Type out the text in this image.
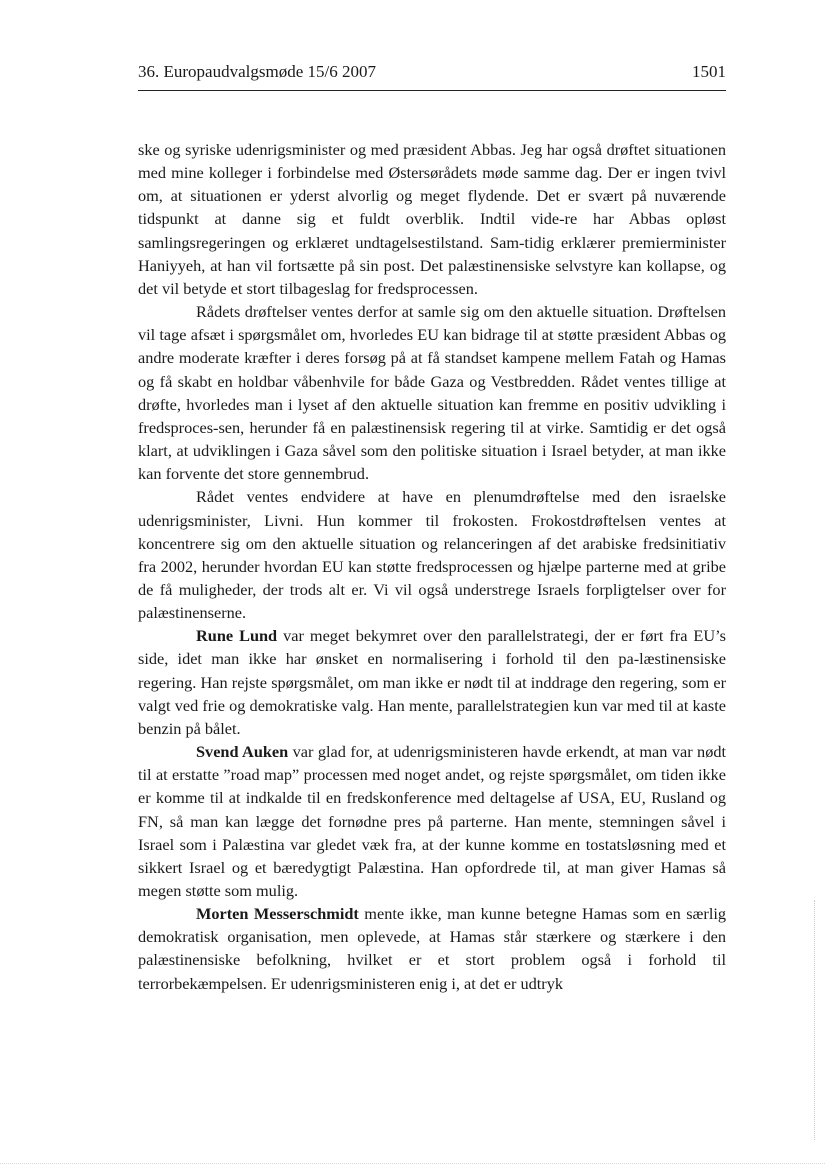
36. Europaudvalgsmøde 15/6 2007	1501

ske og syriske udenrigsminister og med præsident Abbas. Jeg har også drøftet situationen med mine kolleger i forbindelse med Østersørådets møde samme dag. Der er ingen tvivl om, at situationen er yderst alvorlig og meget flydende. Det er svært på nuværende tidspunkt at danne sig et fuldt overblik. Indtil vide-re har Abbas opløst samlingsregeringen og erklæret undtagelsestilstand. Sam-tidig erklærer premierminister Haniyyeh, at han vil fortsætte på sin post. Det palæstinensiske selvstyre kan kollapse, og det vil betyde et stort tilbageslag for fredsprocessen.

Rådets drøftelser ventes derfor at samle sig om den aktuelle situation. Drøftelsen vil tage afsæt i spørgsmålet om, hvorledes EU kan bidrage til at støtte præsident Abbas og andre moderate kræfter i deres forsøg på at få standset kampene mellem Fatah og Hamas og få skabt en holdbar våbenhvile for både Gaza og Vestbredden. Rådet ventes tillige at drøfte, hvorledes man i lyset af den aktuelle situation kan fremme en positiv udvikling i fredsproces-sen, herunder få en palæstinensisk regering til at virke. Samtidig er det også klart, at udviklingen i Gaza såvel som den politiske situation i Israel betyder, at man ikke kan forvente det store gennembrud.

Rådet ventes endvidere at have en plenumdrøftelse med den israelske udenrigsminister, Livni. Hun kommer til frokosten. Frokostdrøftelsen ventes at koncentrere sig om den aktuelle situation og relanceringen af det arabiske fredsinitiativ fra 2002, herunder hvordan EU kan støtte fredsprocessen og hjælpe parterne med at gribe de få muligheder, der trods alt er. Vi vil også understrege Israels forpligtelser over for palæstinenserne.

Rune Lund var meget bekymret over den parallelstrategi, der er ført fra EU’s side, idet man ikke har ønsket en normalisering i forhold til den pa-læstinensiske regering. Han rejste spørgsmålet, om man ikke er nødt til at inddrage den regering, som er valgt ved frie og demokratiske valg. Han mente, parallelstrategien kun var med til at kaste benzin på bålet.

Svend Auken var glad for, at udenrigsministeren havde erkendt, at man var nødt til at erstatte ”road map” processen med noget andet, og rejste spørgsmålet, om tiden ikke er komme til at indkalde til en fredskonference med deltagelse af USA, EU, Rusland og FN, så man kan lægge det fornødne pres på parterne. Han mente, stemningen såvel i Israel som i Palæstina var gledet væk fra, at der kunne komme en tostatsløsning med et sikkert Israel og et bæredygtigt Palæstina. Han opfordrede til, at man giver Hamas så megen støtte som mulig.

Morten Messerschmidt mente ikke, man kunne betegne Hamas som en særlig demokratisk organisation, men oplevede, at Hamas står stærkere og stærkere i den palæstinensiske befolkning, hvilket er et stort problem også i forhold til terrorbekæmpelsen. Er udenrigsministeren enig i, at det er udtryk
